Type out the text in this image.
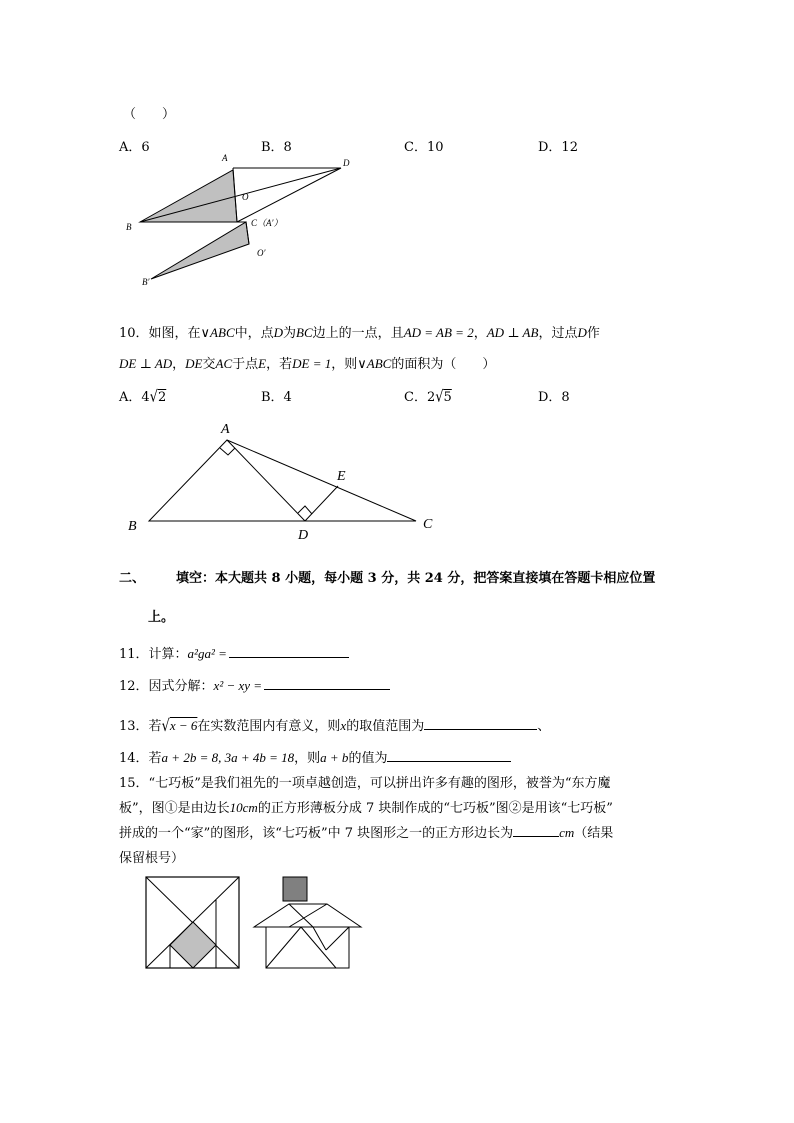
（　　）
A．6	B．8	C．10	D．12
A	D
O
B	C（A′）
O′
B′
10．如图，在∨ABC中，点D为BC边上的一点，且AD = AB = 2，AD ⊥ AB，过点D作
DE ⊥ AD，DE交AC于点E，若DE = 1，则∨ABC的面积为（　　）
A．4√2	B．4	C．2√5	D．8
A
E
B
D
C
二、 填空：本大题共 8 小题，每小题 3 分，共 24 分，把答案直接填在答题卡相应位置
上。
11．计算：a²ga² =
12．因式分解：x² − xy =
13．若√x − 6在实数范围内有意义，则x的取值范围为	、
14．若a + 2b = 8, 3a + 4b = 18，则a + b的值为
15．“七巧板”是我们祖先的一项卓越创造，可以拼出许多有趣的图形，被誉为“东方魔
板”，图①是由边长10cm的正方形薄板分成 7 块制作成的“七巧板”图②是用该“七巧板”
拼成的一个“家”的图形，该“七巧板”中 7 块图形之一的正方形边长为	cm（结果
保留根号）
